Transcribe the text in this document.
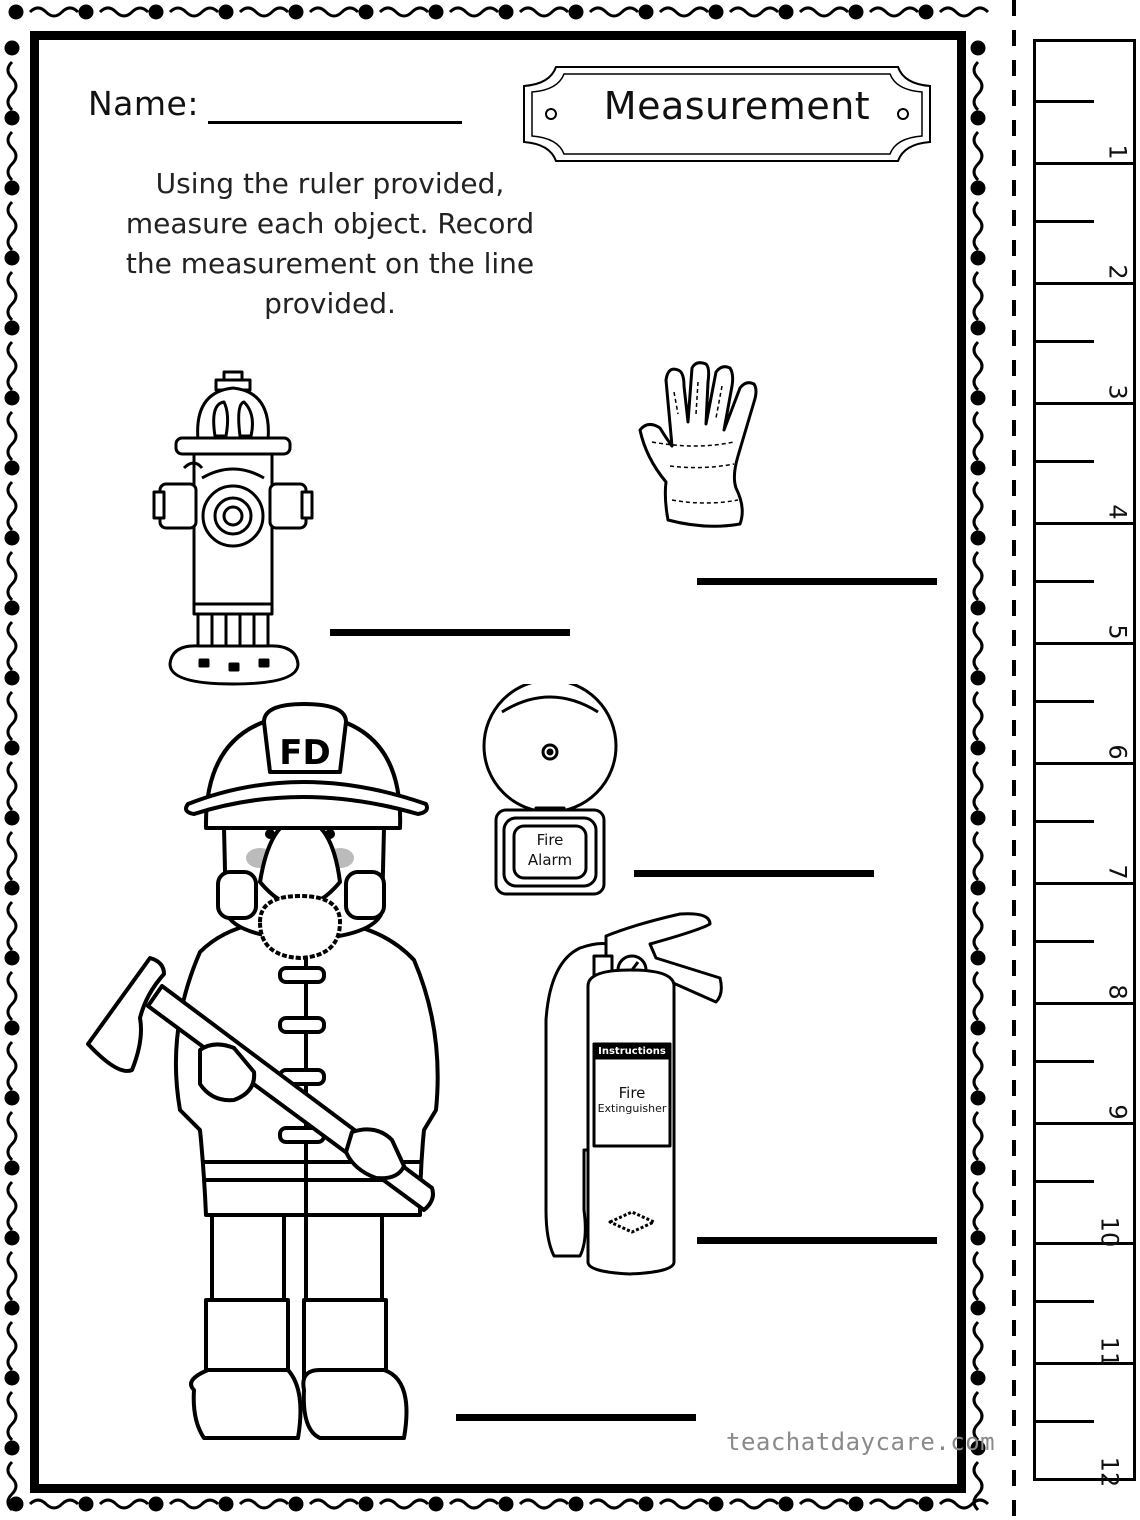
Name:	Measurement
Using the ruler provided,
measure each object. Record
the measurement on the line
provided.
FD
Fire
Alarm
Instructions
Fire
Extinguisher
teachatdaycare.com
1
2
3
4
5
6
7
8
9
10
11
12
